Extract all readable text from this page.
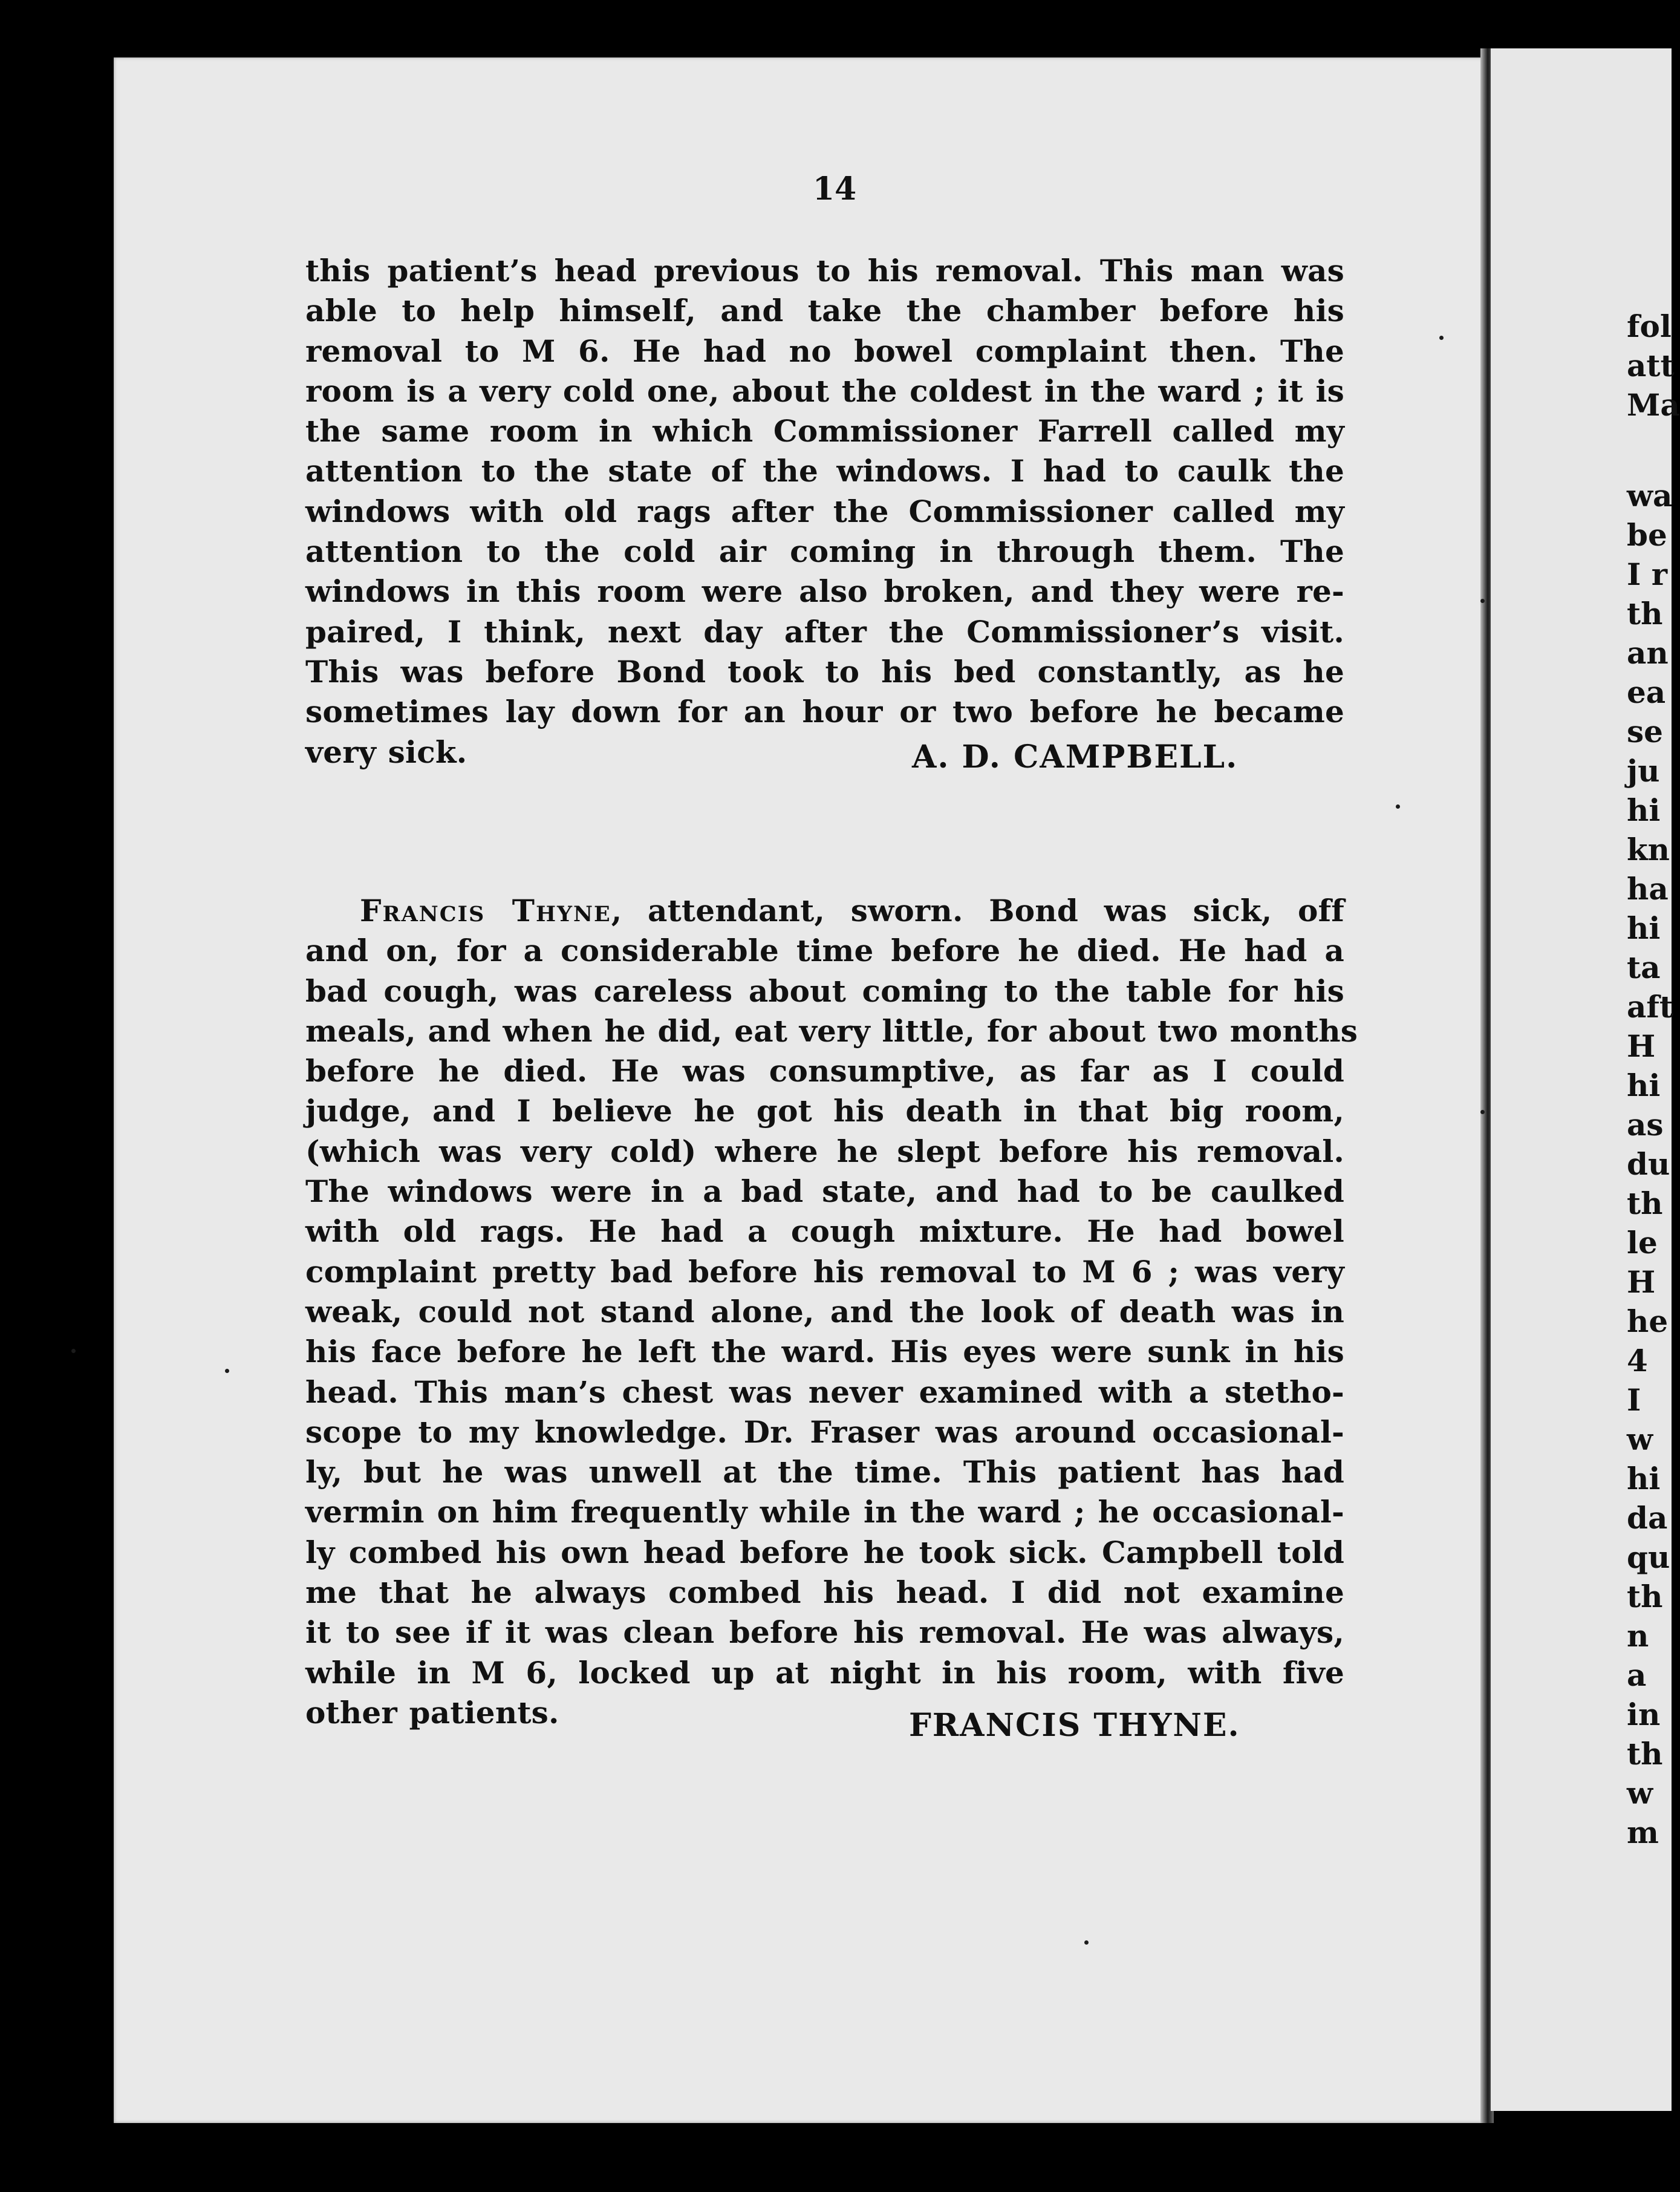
14
this patient’s head previous to his removal. This man was
able to help himself, and take the chamber before his
removal to M 6. He had no bowel complaint then. The
room is a very cold one, about the coldest in the ward ; it is
the same room in which Commissioner Farrell called my
attention to the state of the windows. I had to caulk the
windows with old rags after the Commissioner called my
attention to the cold air coming in through them. The
windows in this room were also broken, and they were re-
paired, I think, next day after the Commissioner’s visit.
This was before Bond took to his bed constantly, as he
sometimes lay down for an hour or two before he became
very sick.	A. D. CAMPBELL.
Francis Thyne, attendant, sworn. Bond was sick, off
and on, for a considerable time before he died. He had a
bad cough, was careless about coming to the table for his
meals, and when he did, eat very little, for about two months
before he died. He was consumptive, as far as I could
judge, and I believe he got his death in that big room,
(which was very cold) where he slept before his removal.
The windows were in a bad state, and had to be caulked
with old rags. He had a cough mixture. He had bowel
complaint pretty bad before his removal to M 6 ; was very
weak, could not stand alone, and the look of death was in
his face before he left the ward. His eyes were sunk in his
head. This man’s chest was never examined with a stetho-
scope to my knowledge. Dr. Fraser was around occasional-
ly, but he was unwell at the time. This patient has had
vermin on him frequently while in the ward ; he occasional-
ly combed his own head before he took sick. Campbell told
me that he always combed his head. I did not examine
it to see if it was clean before his removal. He was always,
while in M 6, locked up at night in his room, with five
other patients.	FRANCIS THYNE.
fol
att
Ma
wa
be
I r
th
an
ea
se
ju
hi
kn
ha
hi
ta
aft
H
hi
as
du
th
le
H
he
4
I
w
hi
da
qu
th
n
a
in
th
w
m
